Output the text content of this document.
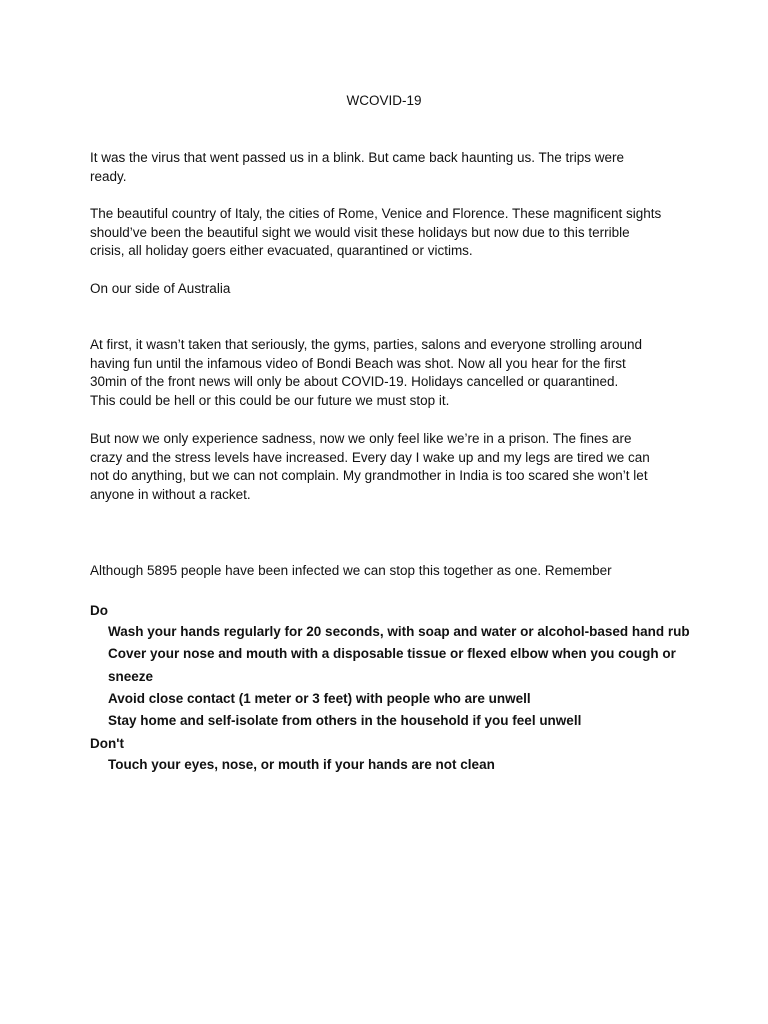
WCOVID-19

It was the virus that went passed us in a blink. But came back haunting us. The trips were
ready.

The beautiful country of Italy, the cities of Rome, Venice and Florence. These magnificent sights
should’ve been the beautiful sight we would visit these holidays but now due to this terrible
crisis, all holiday goers either evacuated, quarantined or victims.

On our side of Australia

At first, it wasn’t taken that seriously, the gyms, parties, salons and everyone strolling around
having fun until the infamous video of Bondi Beach was shot. Now all you hear for the first
30min of the front news will only be about COVID-19. Holidays cancelled or quarantined.
This could be hell or this could be our future we must stop it.

But now we only experience sadness, now we only feel like we’re in a prison. The fines are
crazy and the stress levels have increased. Every day I wake up and my legs are tired we can
not do anything, but we can not complain. My grandmother in India is too scared she won’t let
anyone in without a racket.

Although 5895 people have been infected we can stop this together as one. Remember

Do
Wash your hands regularly for 20 seconds, with soap and water or alcohol-based hand rub
Cover your nose and mouth with a disposable tissue or flexed elbow when you cough or
sneeze
Avoid close contact (1 meter or 3 feet) with people who are unwell
Stay home and self-isolate from others in the household if you feel unwell
Don't
Touch your eyes, nose, or mouth if your hands are not clean
